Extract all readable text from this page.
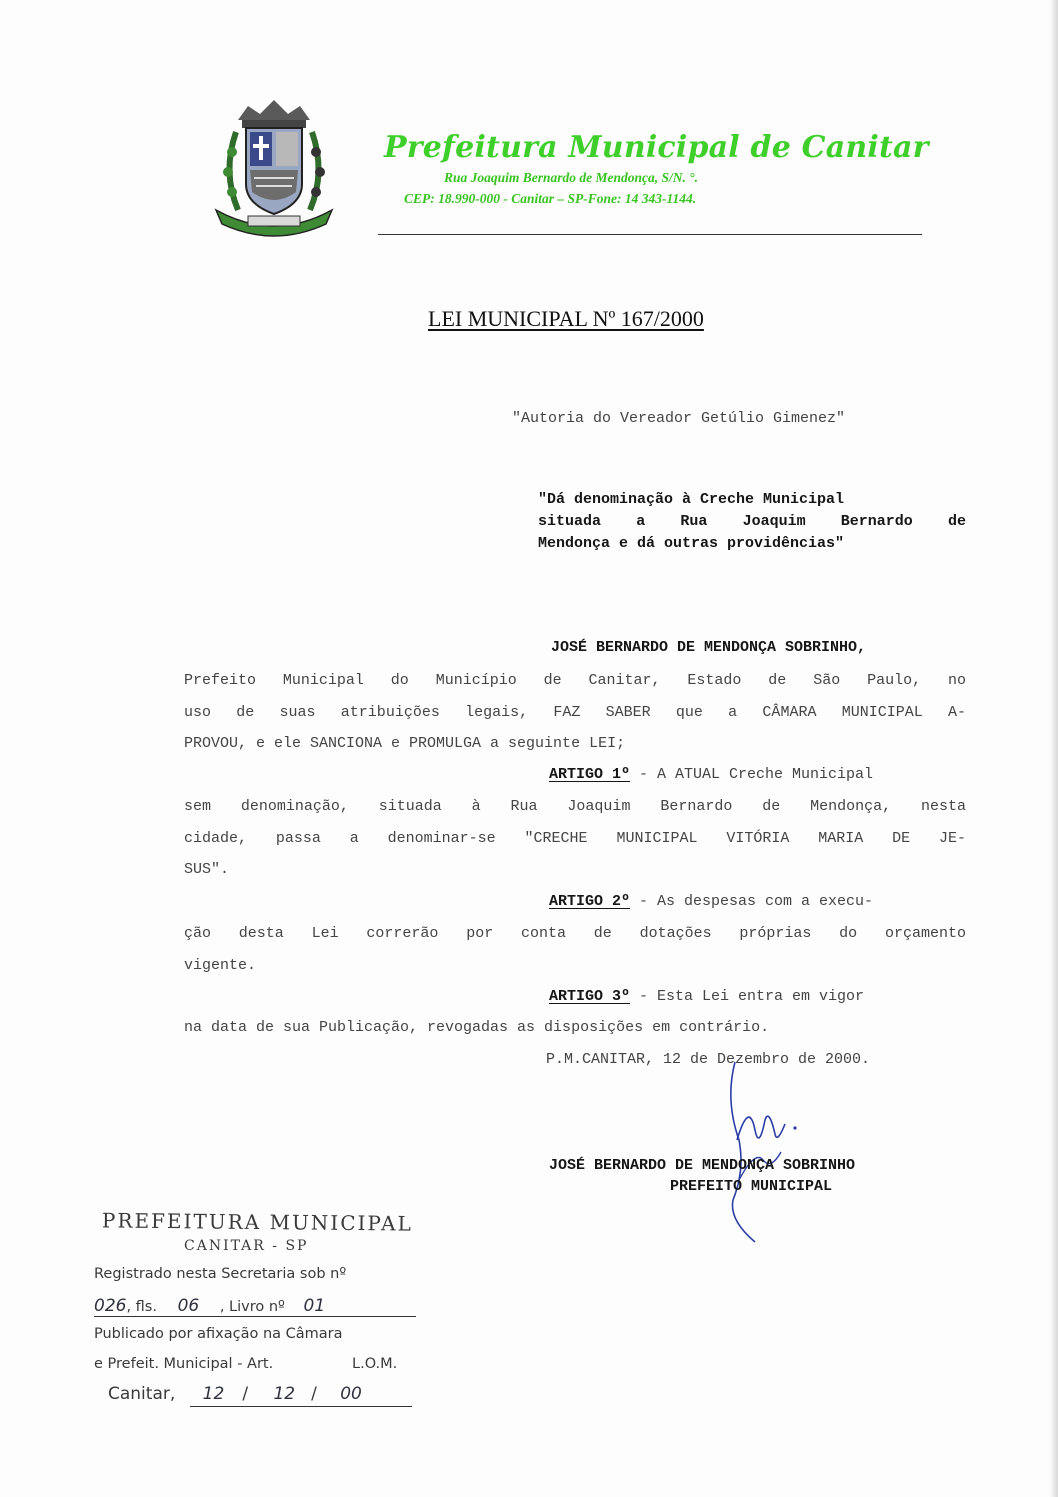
Prefeitura Municipal de Canitar
Rua Joaquim Bernardo de Mendonça, S/N. °.
CEP: 18.990-000 - Canitar – SP-Fone: 14 343-1144.
LEI MUNICIPAL Nº 167/2000
"Autoria do Vereador Getúlio Gimenez"
"Dá denominação à Creche Municipal
situada a Rua Joaquim Bernardo de
Mendonça e dá outras providências"
JOSÉ BERNARDO DE MENDONÇA SOBRINHO,
Prefeito Municipal do Município de Canitar, Estado de São Paulo, no
uso de suas atribuições legais, FAZ SABER que a CÂMARA MUNICIPAL A-
PROVOU, e ele SANCIONA e PROMULGA a seguinte LEI;
ARTIGO 1º - A ATUAL Creche Municipal
sem denominação, situada à Rua Joaquim Bernardo de Mendonça, nesta
cidade, passa a denominar-se "CRECHE MUNICIPAL VITÓRIA MARIA DE JE-
SUS".
ARTIGO 2º - As despesas com a execu-
ção desta Lei correrão por conta de dotações próprias do orçamento
vigente.
ARTIGO 3º - Esta Lei entra em vigor
na data de sua Publicação, revogadas as disposições em contrário.
P.M.CANITAR, 12 de Dezembro de 2000.
JOSÉ BERNARDO DE MENDONÇA SOBRINHO
PREFEITO MUNICIPAL
PREFEITURA MUNICIPAL
CANITAR - SP
Registrado nesta Secretaria sob nº
026, fls. 06 , Livro nº 01
Publicado por afixação na Câmara
e Prefeit. Municipal - Art.	L.O.M.
Canitar, 12 / 12 / 00
